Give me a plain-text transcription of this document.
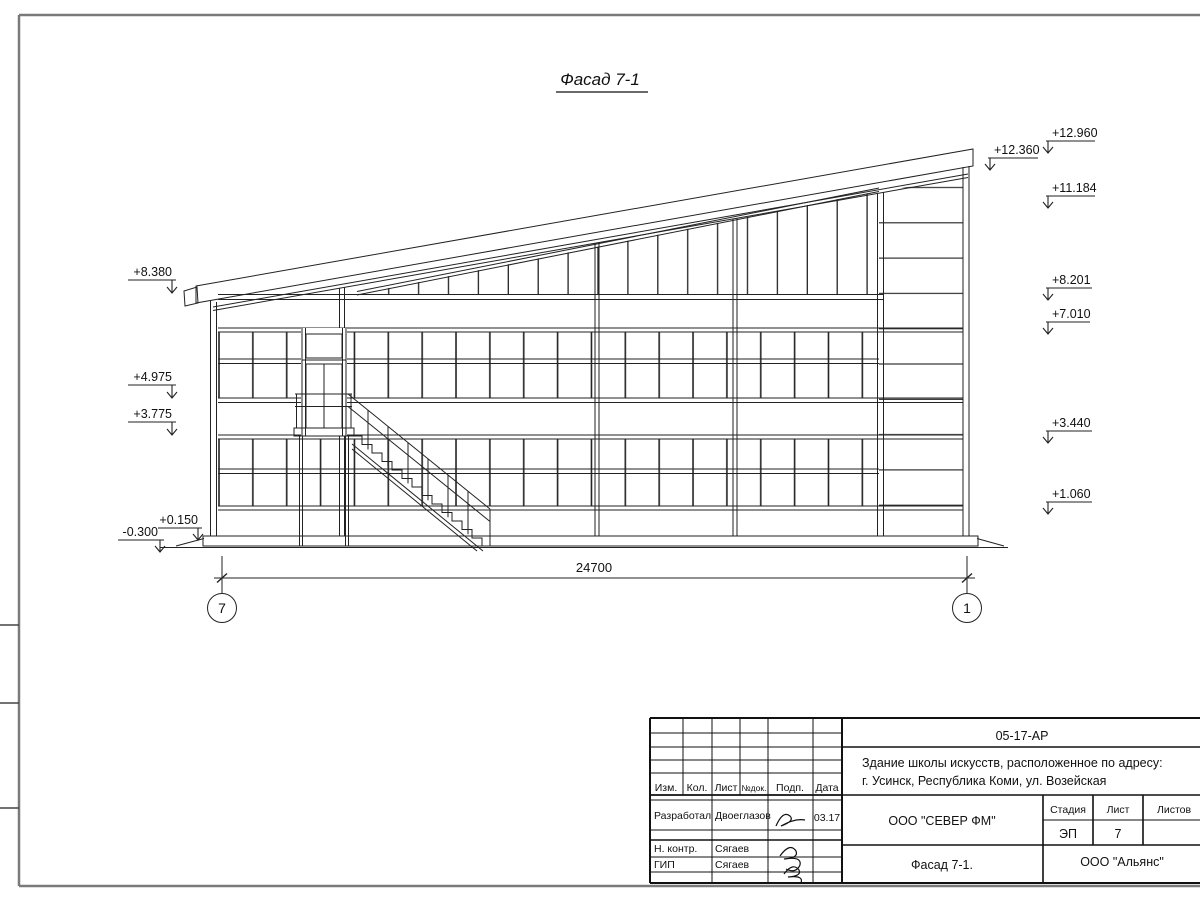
Фасад 7-1
24700
7	1
+8.380
+4.975
+3.775
+0.150
-0.300
+12.960
+12.360
+11.184
+8.201
+7.010
+3.440
+1.060
Изм. Кол. Лист №док. Подп. Дата
Разработал Двоеглазов	03.17
Н. контр. Сягаев
ГИП	Сягаев
05-17-АР
Здание школы искусств, расположенное по адресу:
г. Усинск, Республика Коми, ул. Возейская
ООО "СЕВЕР ФМ"
Стадия Лист	Листов
ЭП	7
Фасад 7-1.	ООО "Альянс"
